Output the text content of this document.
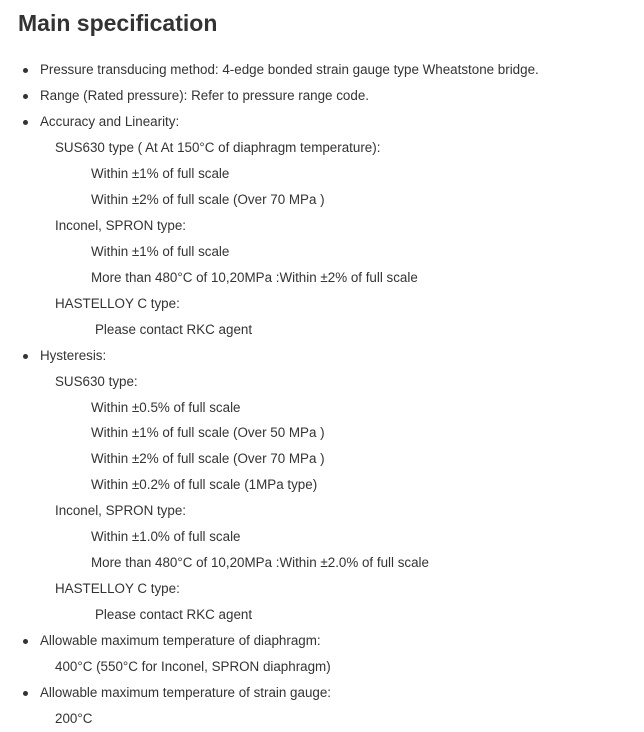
Main specification
Pressure transducing method: 4-edge bonded strain gauge type Wheatstone bridge.
Range (Rated pressure): Refer to pressure range code.
Accuracy and Linearity:
SUS630 type ( At At 150°C of diaphragm temperature):
Within ±1% of full scale
Within ±2% of full scale (Over 70 MPa )
Inconel, SPRON type:
Within ±1% of full scale
More than 480°C of 10,20MPa :Within ±2% of full scale
HASTELLOY C type:
Please contact RKC agent
Hysteresis:
SUS630 type:
Within ±0.5% of full scale
Within ±1% of full scale (Over 50 MPa )
Within ±2% of full scale (Over 70 MPa )
Within ±0.2% of full scale (1MPa type)
Inconel, SPRON type:
Within ±1.0% of full scale
More than 480°C of 10,20MPa :Within ±2.0% of full scale
HASTELLOY C type:
Please contact RKC agent
Allowable maximum temperature of diaphragm:
400°C (550°C for Inconel, SPRON diaphragm)
Allowable maximum temperature of strain gauge:
200°C
